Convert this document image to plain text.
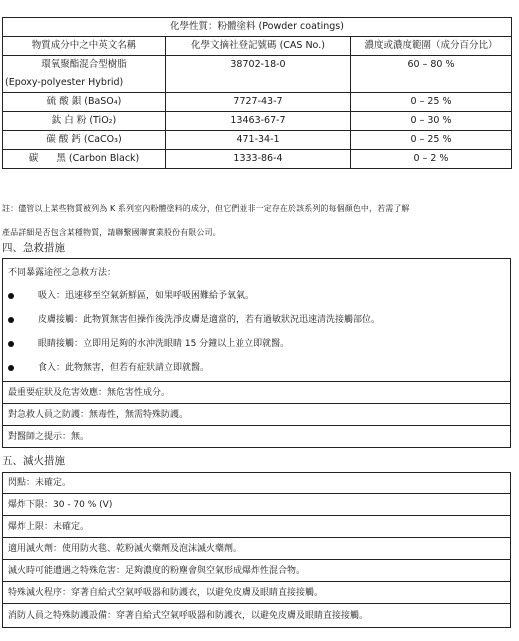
化學性質：粉體塗料 (Powder coatings)		
物質成分中之中英文名稱	化學文摘社登記號碼 (CAS No.)	濃度或濃度範圍（成分百分比）
環氧聚酯混合型樹脂	38702-18-0	60 – 80 %
(Epoxy-polyester Hybrid)		
硫 酸 鋇 (BaSO₄)	7727-43-7	0 – 25 %
鈦 白 粉 (TiO₂)	13463-67-7	0 – 30 %
碳 酸 鈣 (CaCO₃)	471-34-1	0 – 25 %
碳      黑 (Carbon Black)	1333-86-4	0 – 2 %
註：儘管以上某些物質被列為 K 系列室內粉體塗料的成分，但它們並非一定存在於該系列的每個顏色中，若需了解
產品詳細是否包含某種物質，請聯繫國聯實業股份有限公司。
四、急救措施
不同暴露途徑之急救方法：
吸入：迅速移至空氣新鮮區，如果呼吸困難給予氧氣。
皮膚接觸：此物質無害但操作後洗淨皮膚是適當的，若有過敏狀況迅速清洗接觸部位。
眼睛接觸：立即用足夠的水沖洗眼睛 15 分鐘以上並立即就醫。
食入：此物無害，但若有症狀請立即就醫。
最重要症狀及危害效應：無危害性成分。
對急救人員之防護：無毒性，無需特殊防護。
對醫師之提示：無。
五、滅火措施
閃點：未確定。
爆炸下限：30 - 70 % (V)
爆炸上限：未確定。
適用滅火劑：使用防火毯、乾粉滅火藥劑及泡沫滅火藥劑。
滅火時可能遭遇之特殊危害：足夠濃度的粉塵會與空氣形成爆炸性混合物。
特殊滅火程序：穿著自給式空氣呼吸器和防護衣，以避免皮膚及眼睛直接接觸。
消防人員之特殊防護設備：穿著自給式空氣呼吸器和防護衣，以避免皮膚及眼睛直接接觸。
